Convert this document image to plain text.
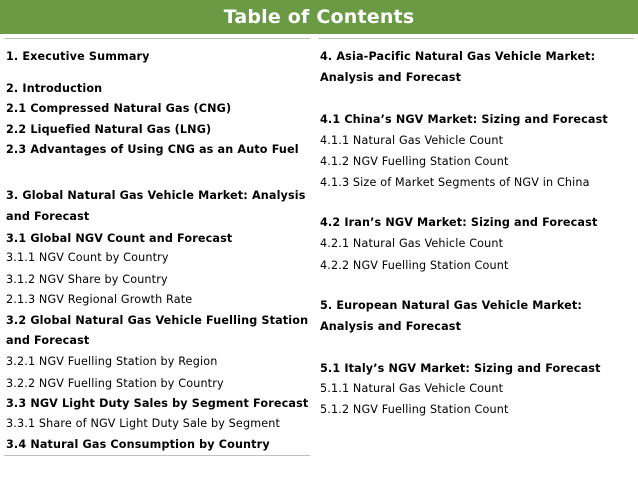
Table of Contents
1. Executive Summary
2. Introduction
2.1 Compressed Natural Gas (CNG)
2.2 Liquefied Natural Gas (LNG)
2.3 Advantages of Using CNG as an Auto Fuel
3. Global Natural Gas Vehicle Market: Analysis
and Forecast
3.1 Global NGV Count and Forecast
3.1.1 NGV Count by Country
3.1.2 NGV Share by Country
2.1.3 NGV Regional Growth Rate
3.2 Global Natural Gas Vehicle Fuelling Station
and Forecast
3.2.1 NGV Fuelling Station by Region
3.2.2 NGV Fuelling Station by Country
3.3 NGV Light Duty Sales by Segment Forecast
3.3.1 Share of NGV Light Duty Sale by Segment
3.4 Natural Gas Consumption by Country
4. Asia-Pacific Natural Gas Vehicle Market:
Analysis and Forecast
4.1 China’s NGV Market: Sizing and Forecast
4.1.1 Natural Gas Vehicle Count
4.1.2 NGV Fuelling Station Count
4.1.3 Size of Market Segments of NGV in China
4.2 Iran’s NGV Market: Sizing and Forecast
4.2.1 Natural Gas Vehicle Count
4.2.2 NGV Fuelling Station Count
5. European Natural Gas Vehicle Market:
Analysis and Forecast
5.1 Italy’s NGV Market: Sizing and Forecast
5.1.1 Natural Gas Vehicle Count
5.1.2 NGV Fuelling Station Count
